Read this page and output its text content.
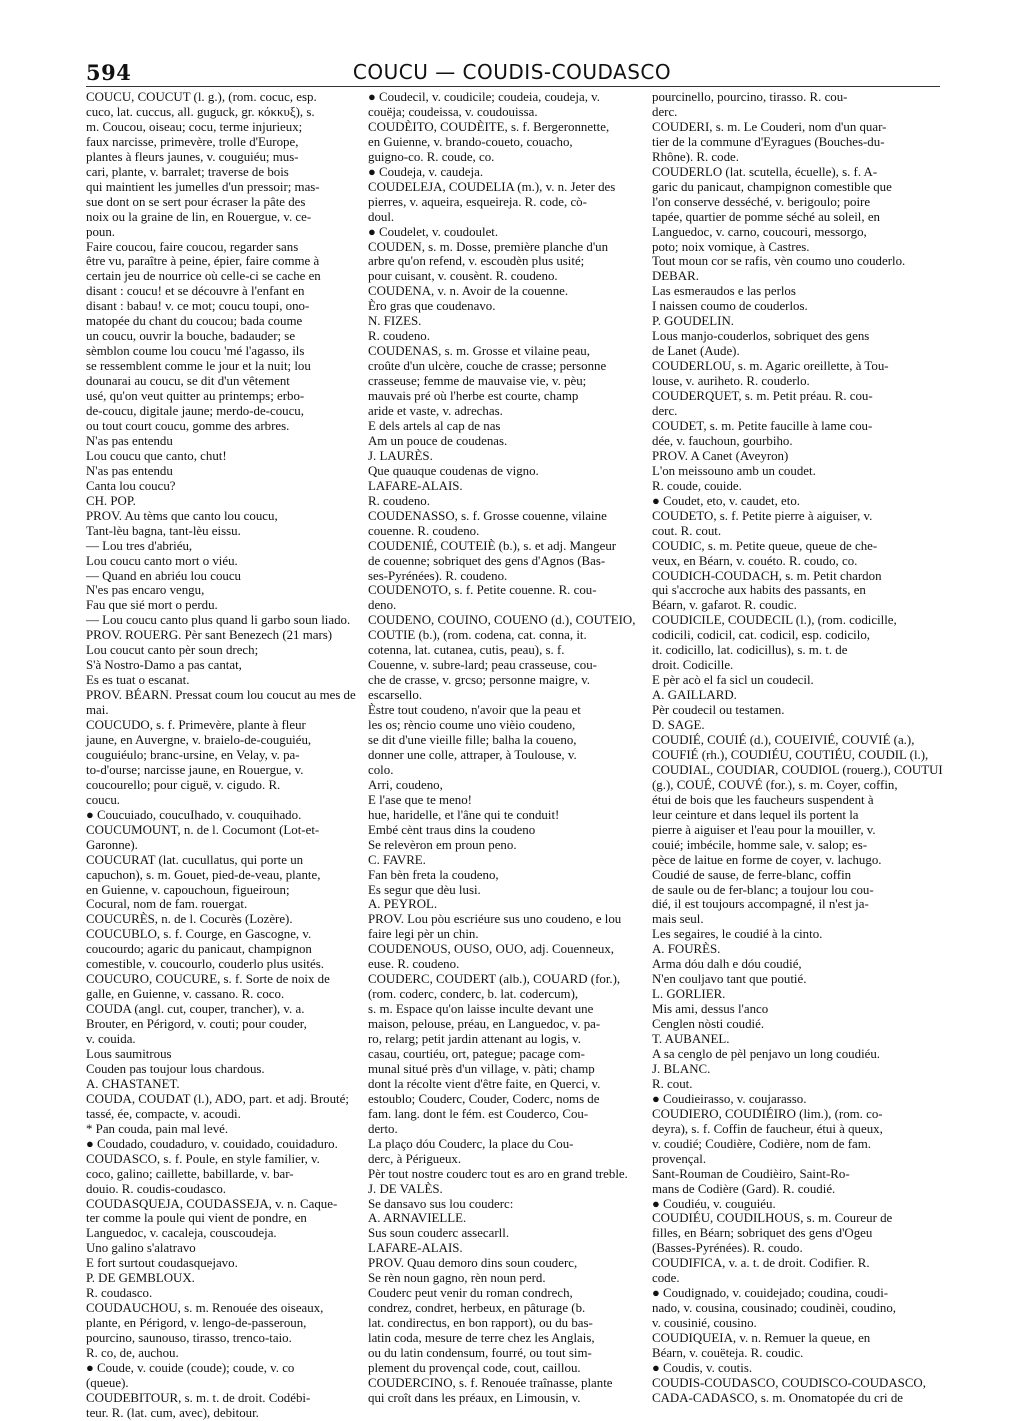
594	COUCU — COUDIS-COUDASCO
COUCU, COUCUT (l. g.), (rom. cocuc, esp.
cuco, lat. cuccus, all. guguck, gr. κόκκυξ), s.
m. Coucou, oiseau; cocu, terme injurieux;
faux narcisse, primevère, trolle d'Europe,
plantes à fleurs jaunes, v. couguiéu; mus-
cari, plante, v. barralet; traverse de bois
qui maintient les jumelles d'un pressoir; mas-
sue dont on se sert pour écraser la pâte des
noix ou la graine de lin, en Rouergue, v. ce-
poun.
Faire coucou, faire coucou, regarder sans
être vu, paraître à peine, épier, faire comme à
certain jeu de nourrice où celle-ci se cache en
disant : coucu! et se découvre à l'enfant en
disant : babau! v. ce mot; coucu toupi, ono-
matopée du chant du coucou; bada coume
un coucu, ouvrir la bouche, badauder; se
sèmblon coume lou coucu 'mé l'agasso, ils
se ressemblent comme le jour et la nuit; lou
dounarai au coucu, se dit d'un vêtement
usé, qu'on veut quitter au printemps; erbo-
de-coucu, digitale jaune; merdo-de-coucu,
ou tout court coucu, gomme des arbres.
N'as pas entendu
Lou coucu que canto, chut!
N'as pas entendu
Canta lou coucu?
CH. POP.
PROV. Au tèms que canto lou coucu,
Tant-lèu bagna, tant-lèu eissu.
— Lou tres d'abriéu,
Lou coucu canto mort o viéu.
— Quand en abriéu lou coucu
N'es pas encaro vengu,
Fau que sié mort o perdu.
— Lou coucu canto plus quand li garbo soun liado.
PROV. ROUERG. Pèr sant Benezech (21 mars)
Lou coucut canto pèr soun drech;
S'à Nostro-Damo a pas cantat,
Es es tuat o escanat.
PROV. BÉARN. Pressat coum lou coucut au mes de
mai.
COUCUDO, s. f. Primevère, plante à fleur
jaune, en Auvergne, v. braielo-de-couguiéu,
couguiéulo; branc-ursine, en Velay, v. pa-
to-d'ourse; narcisse jaune, en Rouergue, v.
coucourello; pour ciguë, v. cigudo. R.
coucu.
● Coucuiado, coucuIhado, v. couquihado.
COUCUMOUNT, n. de l. Cocumont (Lot-et-
Garonne).
COUCURAT (lat. cucullatus, qui porte un
capuchon), s. m. Gouet, pied-de-veau, plante,
en Guienne, v. capouchoun, figueiroun;
Cocural, nom de fam. rouergat.
COUCURÈS, n. de l. Cocurès (Lozère).
COUCUBLO, s. f. Courge, en Gascogne, v.
coucourdo; agaric du panicaut, champignon
comestible, v. coucourlo, couderlo plus usités.
COUCURO, COUCURE, s. f. Sorte de noix de
galle, en Guienne, v. cassano. R. coco.
COUDA (angl. cut, couper, trancher), v. a.
Brouter, en Périgord, v. couti; pour couder,
v. couida.
Lous saumitrous
Couden pas toujour lous chardous.
A. CHASTANET.
COUDA, COUDAT (l.), ADO, part. et adj. Brouté;
tassé, ée, compacte, v. acoudi.
* Pan couda, pain mal levé.
● Coudado, coudaduro, v. couidado, couidaduro.
COUDASCO, s. f. Poule, en style familier, v.
coco, galino; caillette, babillarde, v. bar-
douio. R. coudis-coudasco.
COUDASQUEJA, COUDASSEJA, v. n. Caque-
ter comme la poule qui vient de pondre, en
Languedoc, v. cacaleja, couscoudeja.
Uno galino s'alatravo
E fort surtout coudasquejavo.
P. DE GEMBLOUX.
R. coudasco.
COUDAUCHOU, s. m. Renouée des oiseaux,
plante, en Périgord, v. lengo-de-passeroun,
pourcino, saunouso, tirasso, trenco-taio.
R. co, de, auchou.
● Coude, v. couide (coude); coude, v. co
(queue).
COUDEBITOUR, s. m. t. de droit. Codébi-
teur. R. (lat. cum, avec), debitour.
● Coudecil, v. coudicile; coudeia, coudeja, v.
couëja; coudeissa, v. coudouissa.
COUDÈITO, COUDÈITE, s. f. Bergeronnette,
en Guienne, v. brando-coueto, couacho,
guigno-co. R. coude, co.
● Coudeja, v. caudeja.
COUDELEJA, COUDELIA (m.), v. n. Jeter des
pierres, v. aqueira, esqueireja. R. code, cò-
doul.
● Coudelet, v. coudoulet.
COUDEN, s. m. Dosse, première planche d'un
arbre qu'on refend, v. escoudèn plus usité;
pour cuisant, v. cousènt. R. coudeno.
COUDENA, v. n. Avoir de la couenne.
Èro gras que coudenavo.
N. FIZES.
R. coudeno.
COUDENAS, s. m. Grosse et vilaine peau,
croûte d'un ulcère, couche de crasse; personne
crasseuse; femme de mauvaise vie, v. pèu;
mauvais pré où l'herbe est courte, champ
aride et vaste, v. adrechas.
E dels artels al cap de nas
Am un pouce de coudenas.
J. LAURÈS.
Que quauque coudenas de vigno.
LAFARE-ALAIS.
R. coudeno.
COUDENASSO, s. f. Grosse couenne, vilaine
couenne. R. coudeno.
COUDENIÉ, COUTEIÈ (b.), s. et adj. Mangeur
de couenne; sobriquet des gens d'Agnos (Bas-
ses-Pyrénées). R. coudeno.
COUDENOTO, s. f. Petite couenne. R. cou-
deno.
COUDENO, COUINO, COUENO (d.), COUTEIO,
COUTIE (b.), (rom. codena, cat. conna, it.
cotenna, lat. cutanea, cutis, peau), s. f.
Couenne, v. subre-lard; peau crasseuse, cou-
che de crasse, v. grcso; personne maigre, v.
escarsello.
Èstre tout coudeno, n'avoir que la peau et
les os; rèncio coume uno vièio coudeno,
se dit d'une vieille fille; balha la coueno,
donner une colle, attraper, à Toulouse, v.
colo.
Arri, coudeno,
E l'ase que te meno!
hue, haridelle, et l'âne qui te conduit!
Embé cènt traus dins la coudeno
Se relevèron em proun peno.
C. FAVRE.
Fan bèn freta la coudeno,
Es segur que dèu lusi.
A. PEYROL.
PROV. Lou pòu escriéure sus uno coudeno, e lou
faire legi pèr un chin.
COUDENOUS, OUSO, OUO, adj. Couenneux,
euse. R. coudeno.
COUDERC, COUDERT (alb.), COUARD (for.),
(rom. coderc, conderc, b. lat. codercum),
s. m. Espace qu'on laisse inculte devant une
maison, pelouse, préau, en Languedoc, v. pa-
ro, relarg; petit jardin attenant au logis, v.
casau, courtiéu, ort, pategue; pacage com-
munal situé près d'un village, v. pàti; champ
dont la récolte vient d'être faite, en Querci, v.
estoublo; Couderc, Couder, Coderc, noms de
fam. lang. dont le fém. est Couderco, Cou-
derto.
La plaço dóu Couderc, la place du Cou-
derc, à Périgueux.
Pèr tout nostre couderc tout es aro en grand treble.
J. DE VALÈS.
Se dansavo sus lou couderc:
A. ARNAVIELLE.
Sus soun couderc assecarll.
LAFARE-ALAIS.
PROV. Quau demoro dins soun couderc,
Se rèn noun gagno, rèn noun perd.
Couderc peut venir du roman condrech,
condrez, condret, herbeux, en pâturage (b.
lat. condirectus, en bon rapport), ou du bas-
latin coda, mesure de terre chez les Anglais,
ou du latin condensum, fourré, ou tout sim-
plement du provençal code, cout, caillou.
COUDERCINO, s. f. Renouée traînasse, plante
qui croît dans les préaux, en Limousin, v.
pourcinello, pourcino, tirasso. R. cou-
derc.
COUDERI, s. m. Le Couderi, nom d'un quar-
tier de la commune d'Eyragues (Bouches-du-
Rhône). R. code.
COUDERLO (lat. scutella, écuelle), s. f. A-
garic du panicaut, champignon comestible que
l'on conserve desséché, v. berigoulo; poire
tapée, quartier de pomme séché au soleil, en
Languedoc, v. carno, coucouri, messorgo,
poto; noix vomique, à Castres.
Tout moun cor se rafis, vèn coumo uno couderlo.
DEBAR.
Las esmeraudos e las perlos
I naissen coumo de couderlos.
P. GOUDELIN.
Lous manjo-couderlos, sobriquet des gens
de Lanet (Aude).
COUDERLOU, s. m. Agaric oreillette, à Tou-
louse, v. auriheto. R. couderlo.
COUDERQUET, s. m. Petit préau. R. cou-
derc.
COUDET, s. m. Petite faucille à lame cou-
dée, v. fauchoun, gourbiho.
PROV. A Canet (Aveyron)
L'on meissouno amb un coudet.
R. coude, couide.
● Coudet, eto, v. caudet, eto.
COUDETO, s. f. Petite pierre à aiguiser, v.
cout. R. cout.
COUDIC, s. m. Petite queue, queue de che-
veux, en Béarn, v. couéto. R. coudo, co.
COUDICH-COUDACH, s. m. Petit chardon
qui s'accroche aux habits des passants, en
Béarn, v. gafarot. R. coudic.
COUDICILE, COUDECIL (l.), (rom. codicille,
codicili, codicil, cat. codicil, esp. codicilo,
it. codicillo, lat. codicillus), s. m. t. de
droit. Codicille.
E pèr acò el fa sicl un coudecil.
A. GAILLARD.
Pèr coudecil ou testamen.
D. SAGE.
COUDIÉ, COUIÉ (d.), COUEIVIÉ, COUVIÉ (a.),
COUFIÉ (rh.), COUDIÉU, COUTIÉU, COUDIL (l.),
COUDIAL, COUDIAR, COUDIOL (rouerg.), COUTUI
(g.), COUÉ, COUVÉ (for.), s. m. Coyer, coffin,
étui de bois que les faucheurs suspendent à
leur ceinture et dans lequel ils portent la
pierre à aiguiser et l'eau pour la mouiller, v.
couié; imbécile, homme sale, v. salop; es-
pèce de laitue en forme de coyer, v. lachugo.
Coudié de sause, de ferre-blanc, coffin
de saule ou de fer-blanc; a toujour lou cou-
dié, il est toujours accompagné, il n'est ja-
mais seul.
Les segaires, le coudié à la cinto.
A. FOURÈS.
Arma dóu dalh e dóu coudié,
N'en couljavo tant que poutié.
L. GORLIER.
Mis ami, dessus l'anco
Cenglen nòsti coudié.
T. AUBANEL.
A sa cenglo de pèl penjavo un long coudiéu.
J. BLANC.
R. cout.
● Coudieirasso, v. coujarasso.
COUDIERO, COUDIÉIRO (lim.), (rom. co-
deyra), s. f. Coffin de faucheur, étui à queux,
v. coudié; Coudière, Codière, nom de fam.
provençal.
Sant-Rouman de Coudièiro, Saint-Ro-
mans de Codière (Gard). R. coudié.
● Coudiéu, v. couguiéu.
COUDIÉU, COUDILHOUS, s. m. Coureur de
filles, en Béarn; sobriquet des gens d'Ogeu
(Basses-Pyrénées). R. coudo.
COUDIFICA, v. a. t. de droit. Codifier. R.
code.
● Coudignado, v. couidejado; coudina, coudi-
nado, v. cousina, cousinado; coudinèi, coudino,
v. cousinié, cousino.
COUDIQUEIA, v. n. Remuer la queue, en
Béarn, v. couëteja. R. coudic.
● Coudis, v. coutis.
COUDIS-COUDASCO, COUDISCO-COUDASCO,
CADA-CADASCO, s. m. Onomatopée du cri de
